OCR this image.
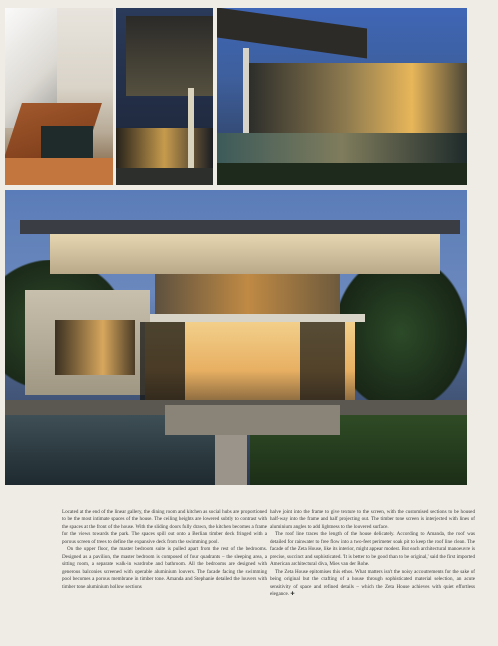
Located at the end of the linear gallery, the dining room and kitchen as social hubs are proportioned to be the most intimate spaces of the house. The ceiling heights are lowered subtly to contrast with the spaces at the front of the house. With the sliding doors fully drawn, the kitchen becomes a frame for the views towards the park. The spaces spill out onto a Berlian timber deck fringed with a porous screen of trees to define the expansive deck from the swimming pool.

On the upper floor, the master bedroom suite is pulled apart from the rest of the bedrooms. Designed as a pavilion, the master bedroom is composed of four quadrants – the sleeping area, a sitting room, a separate walk-in wardrobe and bathroom. All the bedrooms are designed with generous balconies screened with operable aluminium louvers. The facade facing the swimming pool becomes a porous membrane in timber tone. Amanda and Stephanie detailed the louvers with timber tone aluminium hollow sections

halve joint into the frame to give texture to the screen, with the customised sections to be housed half-way into the frame and half projecting out. The timber tone screen is interjected with lines of aluminium angles to add lightness to the louvered surface.

The roof line traces the length of the house delicately. According to Amanda, the roof was detailed for rainwater to free flow into a two-feet perimeter soak pit to keep the roof line clean. The facade of the Zeta House, like its interior, might appear modest. But each architectural manoeuvre is precise, succinct and sophisticated. 'It is better to be good than to be original,' said the first imported American architectural diva, Mies van der Rohe.

The Zeta House epitomises this ethos. What matters isn't the noisy accoutrements for the sake of being original but the crafting of a house through sophisticated material selection, an acute sensitivity of space and refined details – which the Zeta House achieves with quiet effortless elegance. ✚
